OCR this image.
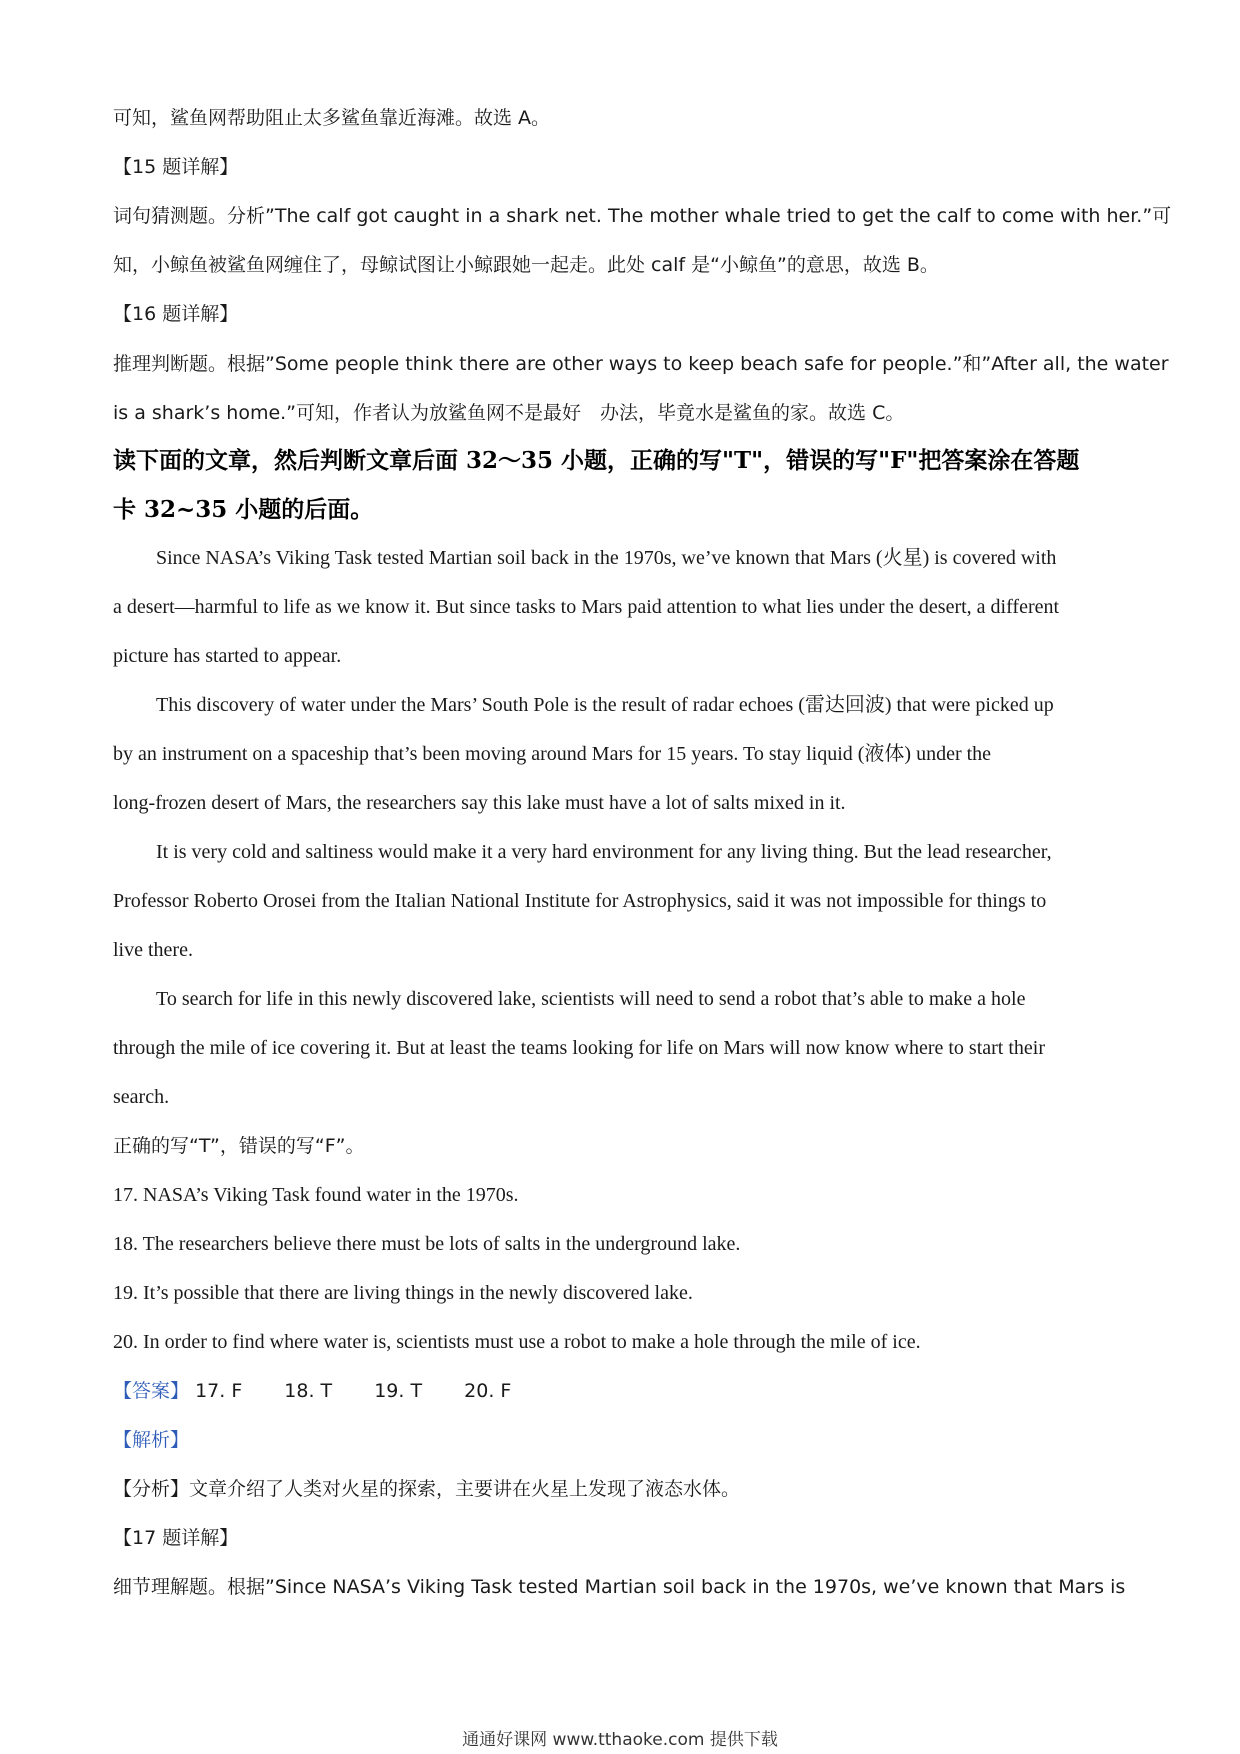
可知，鲨鱼网帮助阻止太多鲨鱼靠近海滩。故选 A。
【15 题详解】
词句猜测题。分析”The calf got caught in a shark net. The mother whale tried to get the calf to come with her.”可
知，小鲸鱼被鲨鱼网缠住了，母鲸试图让小鲸跟她一起走。此处 calf 是“小鲸鱼”的意思，故选 B。
【16 题详解】
推理判断题。根据”Some people think there are other ways to keep beach safe for people.”和”After all, the water
is a shark’s home.”可知，作者认为放鲨鱼网不是最好　办法，毕竟水是鲨鱼的家。故选 C。
读下面的文章，然后判断文章后面 32～35 小题，正确的写"T"，错误的写"F"把答案涂在答题
卡 32~35 小题的后面。
Since NASA’s Viking Task tested Martian soil back in the 1970s, we’ve known that Mars (火星) is covered with
a desert—harmful to life as we know it. But since tasks to Mars paid attention to what lies under the desert, a different
picture has started to appear.
This discovery of water under the Mars’ South Pole is the result of radar echoes (雷达回波) that were picked up
by an instrument on a spaceship that’s been moving around Mars for 15 years. To stay liquid (液体) under the
long-frozen desert of Mars, the researchers say this lake must have a lot of salts mixed in it.
It is very cold and saltiness would make it a very hard environment for any living thing. But the lead researcher,
Professor Roberto Orosei from the Italian National Institute for Astrophysics, said it was not impossible for things to
live there.
To search for life in this newly discovered lake, scientists will need to send a robot that’s able to make a hole
through the mile of ice covering it. But at least the teams looking for life on Mars will now know where to start their
search.
正确的写“T”，错误的写“F”。
17. NASA’s Viking Task found water in the 1970s.
18. The researchers believe there must be lots of salts in the underground lake.
19. It’s possible that there are living things in the newly discovered lake.
20. In order to find where water is, scientists must use a robot to make a hole through the mile of ice.
【答案】 17. F 18. T 19. T 20. F
【解析】
【分析】文章介绍了人类对火星的探索，主要讲在火星上发现了液态水体。
【17 题详解】
细节理解题。根据”Since NASA’s Viking Task tested Martian soil back in the 1970s, we’ve known that Mars is
通通好课网 www.tthaoke.com 提供下载
